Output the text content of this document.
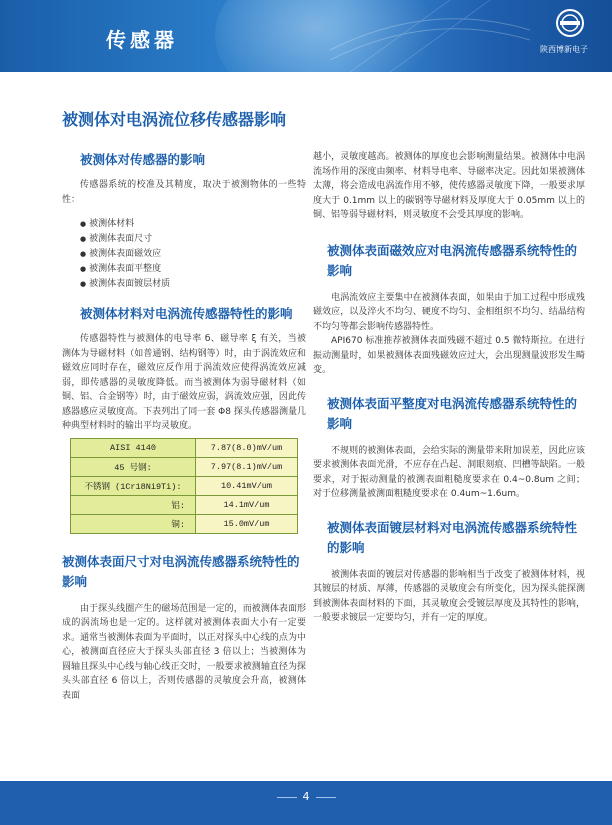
传感器	陕西博新电子
被测体对电涡流位移传感器影响
被测体对传感器的影响

传感器系统的校准及其精度，取决于被测物体的一些特性：

● 被测体材料
● 被测体表面尺寸
● 被测体表面磁效应
● 被测体表面平整度
● 被测体表面镀层材质
被测体材料对电涡流传感器特性的影响

传感器特性与被测体的电导率 б、磁导率 ξ 有关，当被测体为导磁材料（如普通钢、结构钢等）时，由于涡流效应和磁效应同时存在，磁效应反作用于涡流效应使得涡流效应减弱，即传感器的灵敏度降低。而当被测体为弱导磁材料（如铜、铝、合金钢等）时，由于磁效应弱，涡流效应强，因此传感器感应灵敏度高。下表列出了同一套 Φ8 探头传感器测量几种典型材料时的输出平均灵敏度。

AISI 4140	7.87(8.0)mV/um
45 号钢:	7.97(8.1)mV/um
不锈钢 (1Cr18Ni9Ti):	10.41mV/um
铝:	14.1mV/um
铜:	15.0mV/um
被测体表面尺寸对电涡流传感器系统特性的影响

由于探头线圈产生的磁场范围是一定的，而被测体表面形成的涡流场也是一定的。这样就对被测体表面大小有一定要求。通常当被测体表面为平面时，以正对探头中心线的点为中心，被测面直径应大于探头头部直径 3 倍以上；当被测体为圆轴且探头中心线与轴心线正交时，一般要求被测轴直径为探头头部直径 6 倍以上，否则传感器的灵敏度会升高，被测体表面

越小，灵敏度越高。被测体的厚度也会影响测量结果。被测体中电涡流场作用的深度由频率、材料导电率、导磁率决定。因此如果被测体太薄，将会造成电涡流作用不够，使传感器灵敏度下降，一般要求厚度大于 0.1mm 以上的碳钢等导磁材料及厚度大于 0.05mm 以上的铜、铝等弱导磁材料，则灵敏度不会受其厚度的影响。

被测体表面磁效应对电涡流传感器系统特性的影响

电涡流效应主要集中在被测体表面，如果由于加工过程中形成残磁效应，以及淬火不均匀、硬度不均匀、金相组织不均匀、结晶结构不均匀等都会影响传感器特性。

API670 标准推荐被测体表面残磁不超过 0.5 微特斯拉。在进行振动测量时，如果被测体表面残磁效应过大，会出现测量波形发生畸变。

被测体表面平整度对电涡流传感器系统特性的影响

不规则的被测体表面，会给实际的测量带来附加误差，因此应该要求被测体表面光滑，不应存在凸起、洞眼刻痕、凹槽等缺陷。一般要求，对于振动测量的被测表面粗糙度要求在 0.4~0.8um 之间；对于位移测量被测面粗糙度要求在 0.4um~1.6um。

被测体表面镀层材料对电涡流传感器系统特性的影响

被测体表面的镀层对传感器的影响相当于改变了被测体材料，视其镀层的材质、厚薄，传感器的灵敏度会有所变化，因为探头能探测到被测体表面材料的下面，其灵敏度会受镀层厚度及其特性的影响，一般要求镀层一定要均匀，并有一定的厚度。

4
